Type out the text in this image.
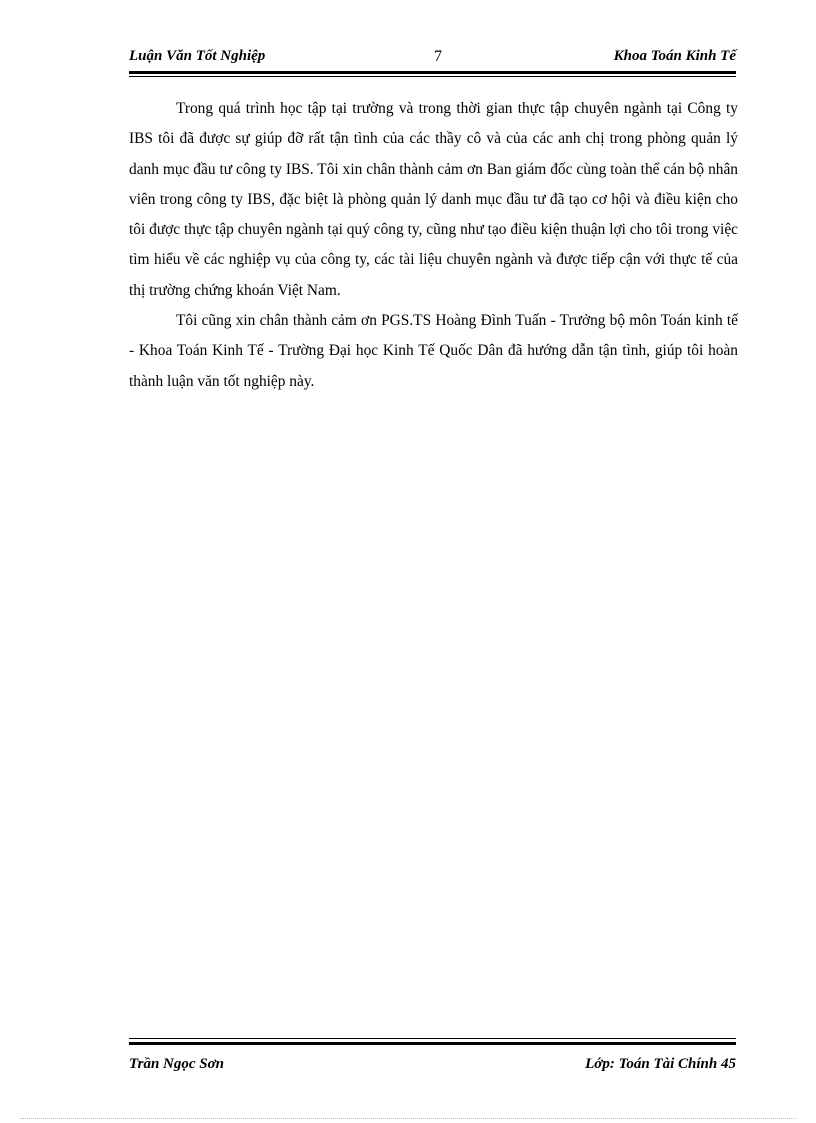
Luận Văn Tốt Nghiệp	7	Khoa Toán Kinh Tế

Trong quá trình học tập tại trường và trong thời gian thực tập chuyên ngành tại Công ty IBS tôi đã được sự giúp đỡ rất tận tình của các thầy cô và của các anh chị trong phòng quản lý danh mục đầu tư công ty IBS. Tôi xin chân thành cảm ơn Ban giám đốc cùng toàn thể cán bộ nhân viên trong công ty IBS, đặc biệt là phòng quản lý danh mục đầu tư đã tạo cơ hội và điều kiện cho tôi được thực tập chuyên ngành tại quý công ty, cũng như tạo điều kiện thuận lợi cho tôi trong việc tìm hiểu về các nghiệp vụ của công ty, các tài liệu chuyên ngành và được tiếp cận với thực tế của thị trường chứng khoán Việt Nam.

Tôi cũng xin chân thành cảm ơn PGS.TS Hoàng Đình Tuấn - Trưởng bộ môn Toán kinh tế - Khoa Toán Kinh Tế - Trường Đại học Kinh Tế Quốc Dân đã hướng dẫn tận tình, giúp tôi hoàn thành luận văn tốt nghiệp này.

Trần Ngọc Sơn	Lớp: Toán Tài Chính 45
